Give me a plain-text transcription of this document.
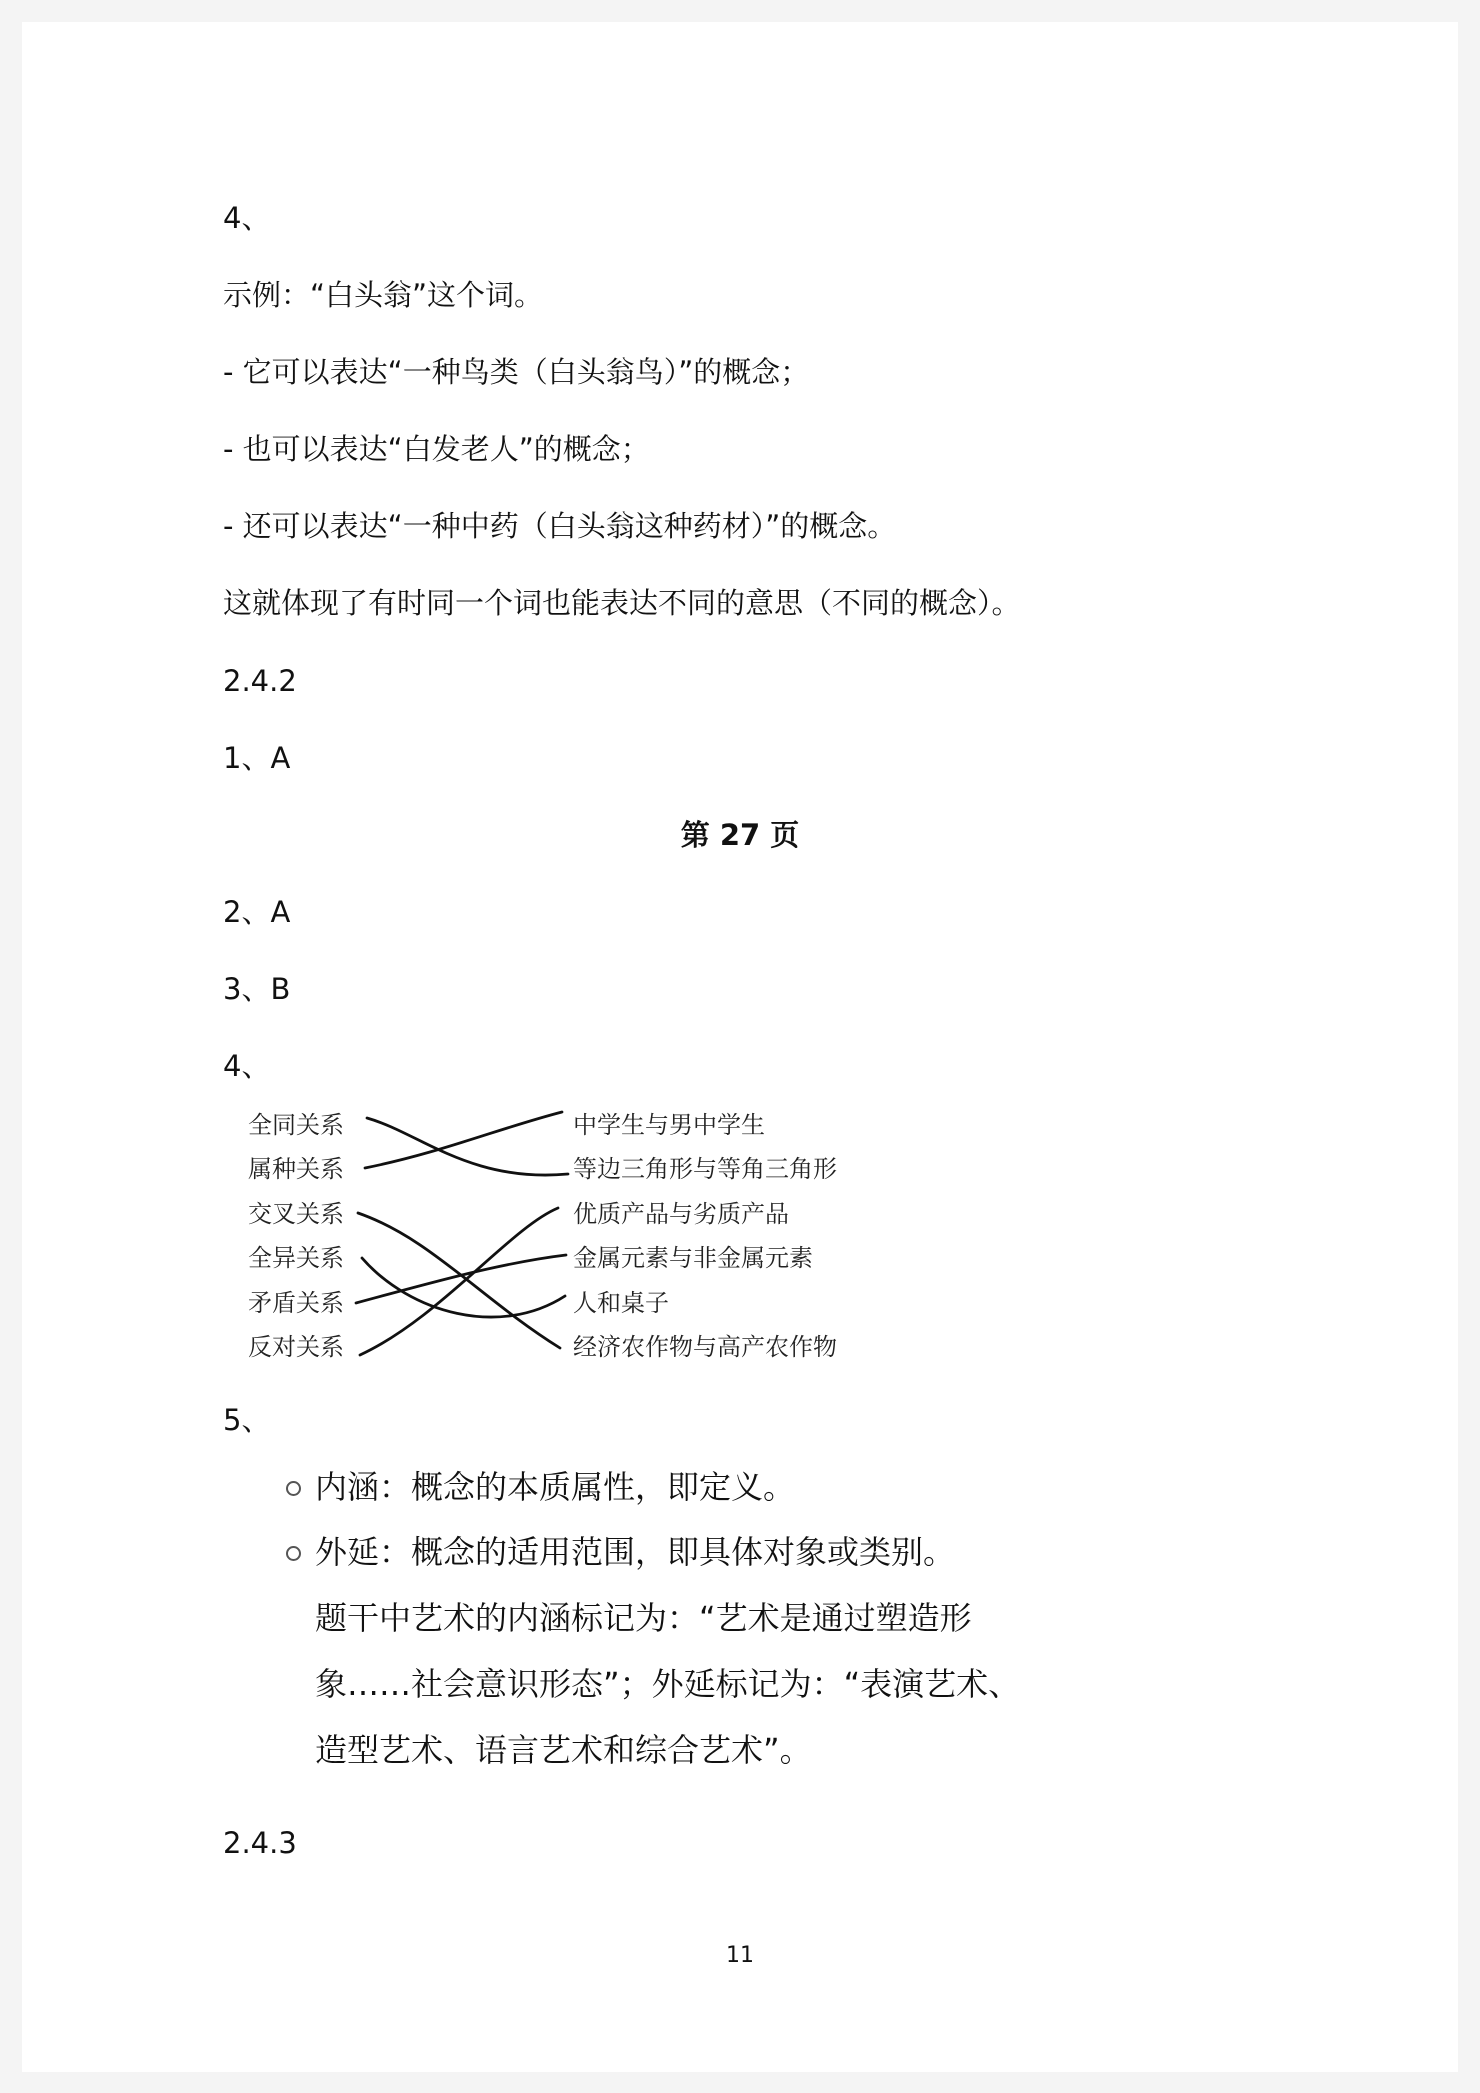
4、
示例：“白头翁”这个词。
- 它可以表达“一种鸟类（白头翁鸟）”的概念；
- 也可以表达“白发老人”的概念；
- 还可以表达“一种中药（白头翁这种药材）”的概念。
这就体现了有时同一个词也能表达不同的意思（不同的概念）。
2.4.2
1、A
第 27 页
2、A
3、B
4、
全同关系
属种关系
交叉关系
全异关系
矛盾关系
反对关系
中学生与男中学生
等边三角形与等角三角形
优质产品与劣质产品
金属元素与非金属元素
人和桌子
经济农作物与高产农作物
5、
内涵：概念的本质属性，即定义。
外延：概念的适用范围，即具体对象或类别。
题干中艺术的内涵标记为：“艺术是通过塑造形
象……社会意识形态”；外延标记为：“表演艺术、
造型艺术、语言艺术和综合艺术”。
2.4.3
11
